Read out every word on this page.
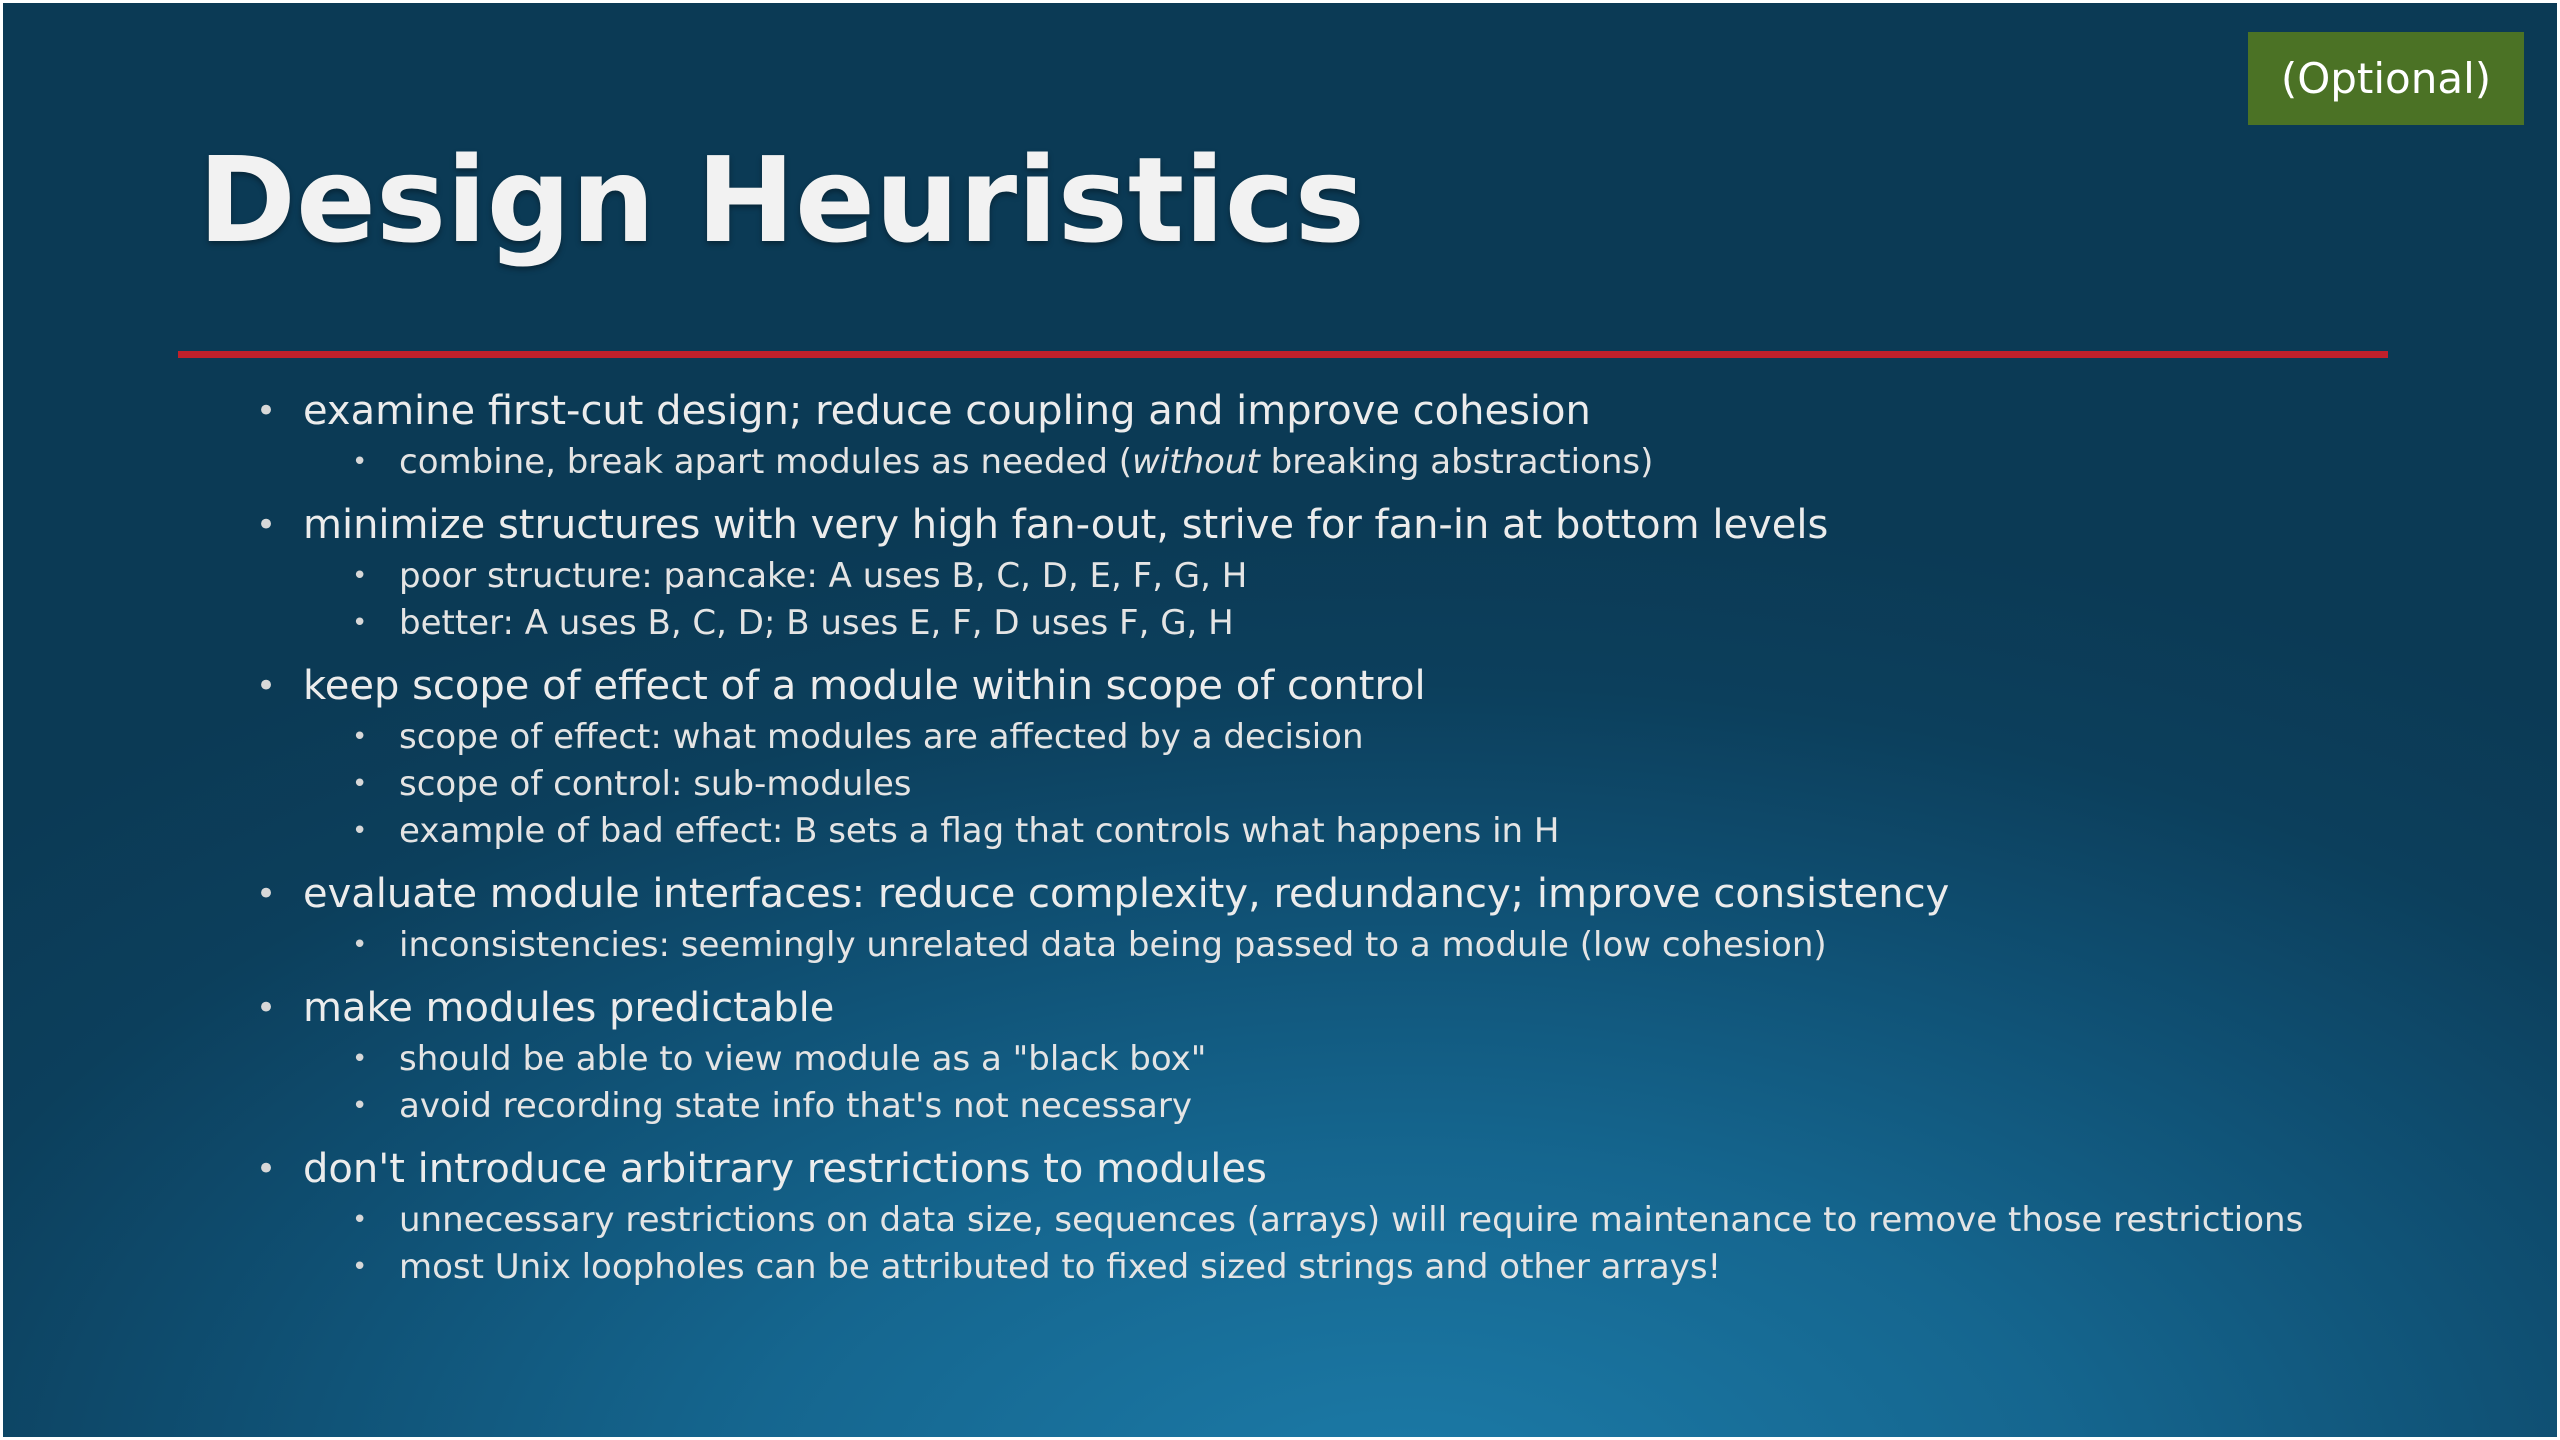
(Optional)
Design Heuristics
• examine first-cut design; reduce coupling and improve cohesion
• combine, break apart modules as needed (without breaking abstractions)
• minimize structures with very high fan-out, strive for fan-in at bottom levels
• poor structure: pancake: A uses B, C, D, E, F, G, H
• better: A uses B, C, D; B uses E, F, D uses F, G, H
• keep scope of effect of a module within scope of control
• scope of effect: what modules are affected by a decision
• scope of control: sub-modules
• example of bad effect: B sets a flag that controls what happens in H
• evaluate module interfaces: reduce complexity, redundancy; improve consistency
• inconsistencies: seemingly unrelated data being passed to a module (low cohesion)
• make modules predictable
• should be able to view module as a "black box"
• avoid recording state info that's not necessary
• don't introduce arbitrary restrictions to modules
• unnecessary restrictions on data size, sequences (arrays) will require maintenance to remove those restrictions
• most Unix loopholes can be attributed to fixed sized strings and other arrays!
